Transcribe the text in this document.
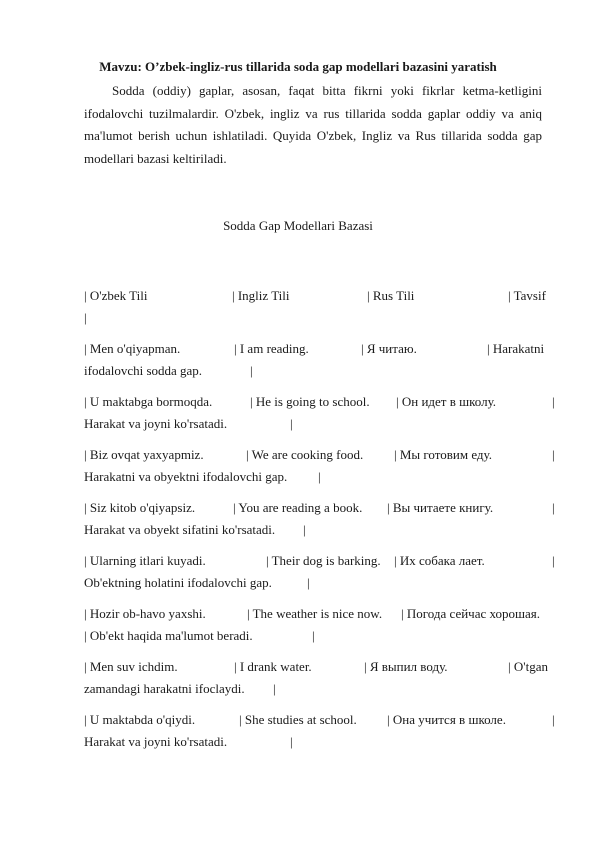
Mavzu: O’zbek-ingliz-rus tillarida soda gap modellari bazasini yaratish
Sodda (oddiy) gaplar, asosan, faqat bitta fikrni yoki fikrlar ketma-ketligini ifodalovchi tuzilmalardir. O'zbek, ingliz va rus tillarida sodda gaplar oddiy va aniq ma'lumot berish uchun ishlatiladi. Quyida O'zbek, Ingliz va Rus tillarida sodda gap modellari bazasi keltiriladi.
Sodda Gap Modellari Bazasi
| O'zbek Tili	| Ingliz Tili	| Rus Tili	| Tavsif
|
| Men o'qiyapman.	| I am reading.	| Я читаю.	| Harakatni
ifodalovchi sodda gap.	|
| U maktabga bormoqda.	| He is going to school. | Он идет в школу.	|
Harakat va joyni ko'rsatadi.	|
| Biz ovqat yaxyapmiz.	| We are cooking food. | Мы готовим еду.	|
Harakatni va obyektni ifodalovchi gap. |
| Siz kitob o'qiyapsiz.	| You are reading a book. | Вы читаете книгу.	|
Harakat va obyekt sifatini ko'rsatadi. |
| Ularning itlari kuyadi.	| Their dog is barking. | Их собака лает.	|
Ob'ektning holatini ifodalovchi gap.	|
| Hozir ob-havo yaxshi.	| The weather is nice now. | Погода сейчас хорошая.
| Ob'ekt haqida ma'lumot beradi.	|
| Men suv ichdim.	| I drank water.	| Я выпил воду.	| O'tgan
zamandagi harakatni ifoclaydi. |
| U maktabda o'qiydi.	| She studies at school. | Она учится в школе.	|
Harakat va joyni ko'rsatadi.	|
